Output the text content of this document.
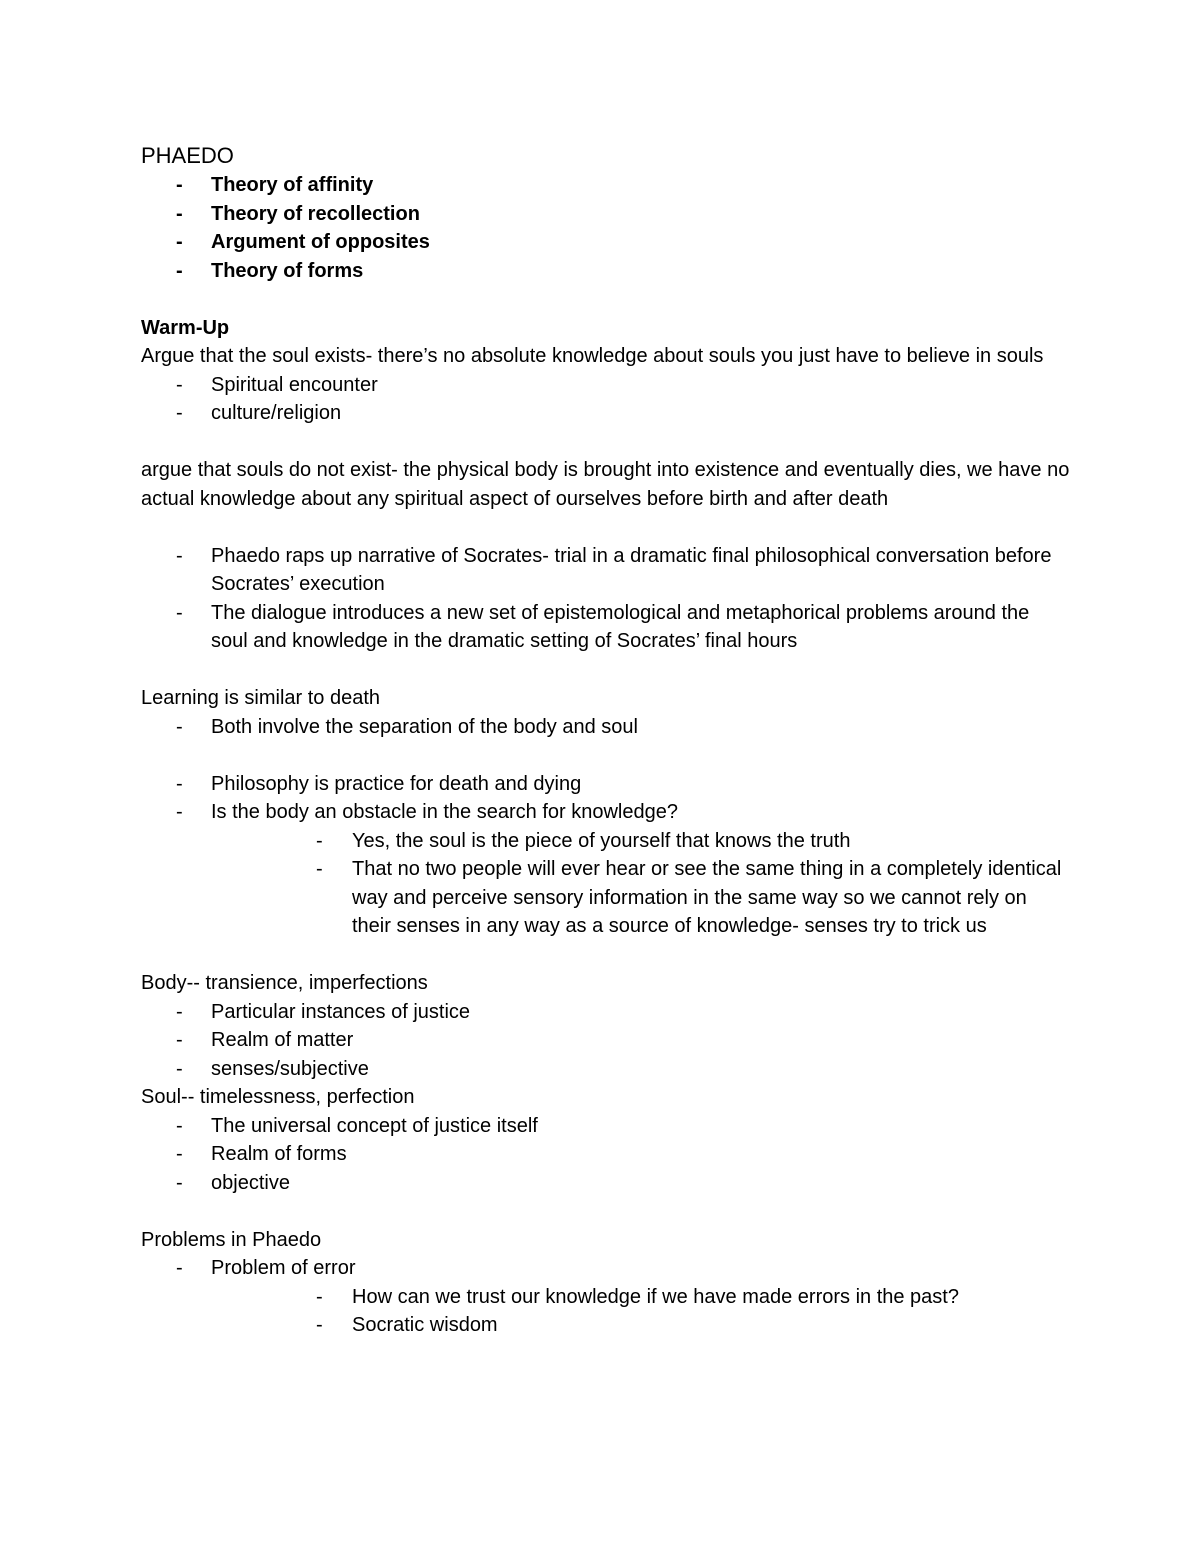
PHAEDO

- Theory of affinity
- Theory of recollection
- Argument of opposites
- Theory of forms

Warm-Up

Argue that the soul exists- there’s no absolute knowledge about souls you just have to believe in souls

- Spiritual encounter
- culture/religion

argue that souls do not exist- the physical body is brought into existence and eventually dies, we have no actual knowledge about any spiritual aspect of ourselves before birth and after death

- Phaedo raps up narrative of Socrates- trial in a dramatic final philosophical conversation before Socrates’ execution
- The dialogue introduces a new set of epistemological and metaphorical problems around the soul and knowledge in the dramatic setting of Socrates’ final hours

Learning is similar to death

- Both involve the separation of the body and soul
- Philosophy is practice for death and dying
- Is the body an obstacle in the search for knowledge?
- Yes, the soul is the piece of yourself that knows the truth
- That no two people will ever hear or see the same thing in a completely identical way and perceive sensory information in the same way so we cannot rely on their senses in any way as a source of knowledge- senses try to trick us

Body-- transience, imperfections

- Particular instances of justice
- Realm of matter
- senses/subjective

Soul-- timelessness, perfection

- The universal concept of justice itself
- Realm of forms
- objective

Problems in Phaedo

- Problem of error
- How can we trust our knowledge if we have made errors in the past?
- Socratic wisdom
